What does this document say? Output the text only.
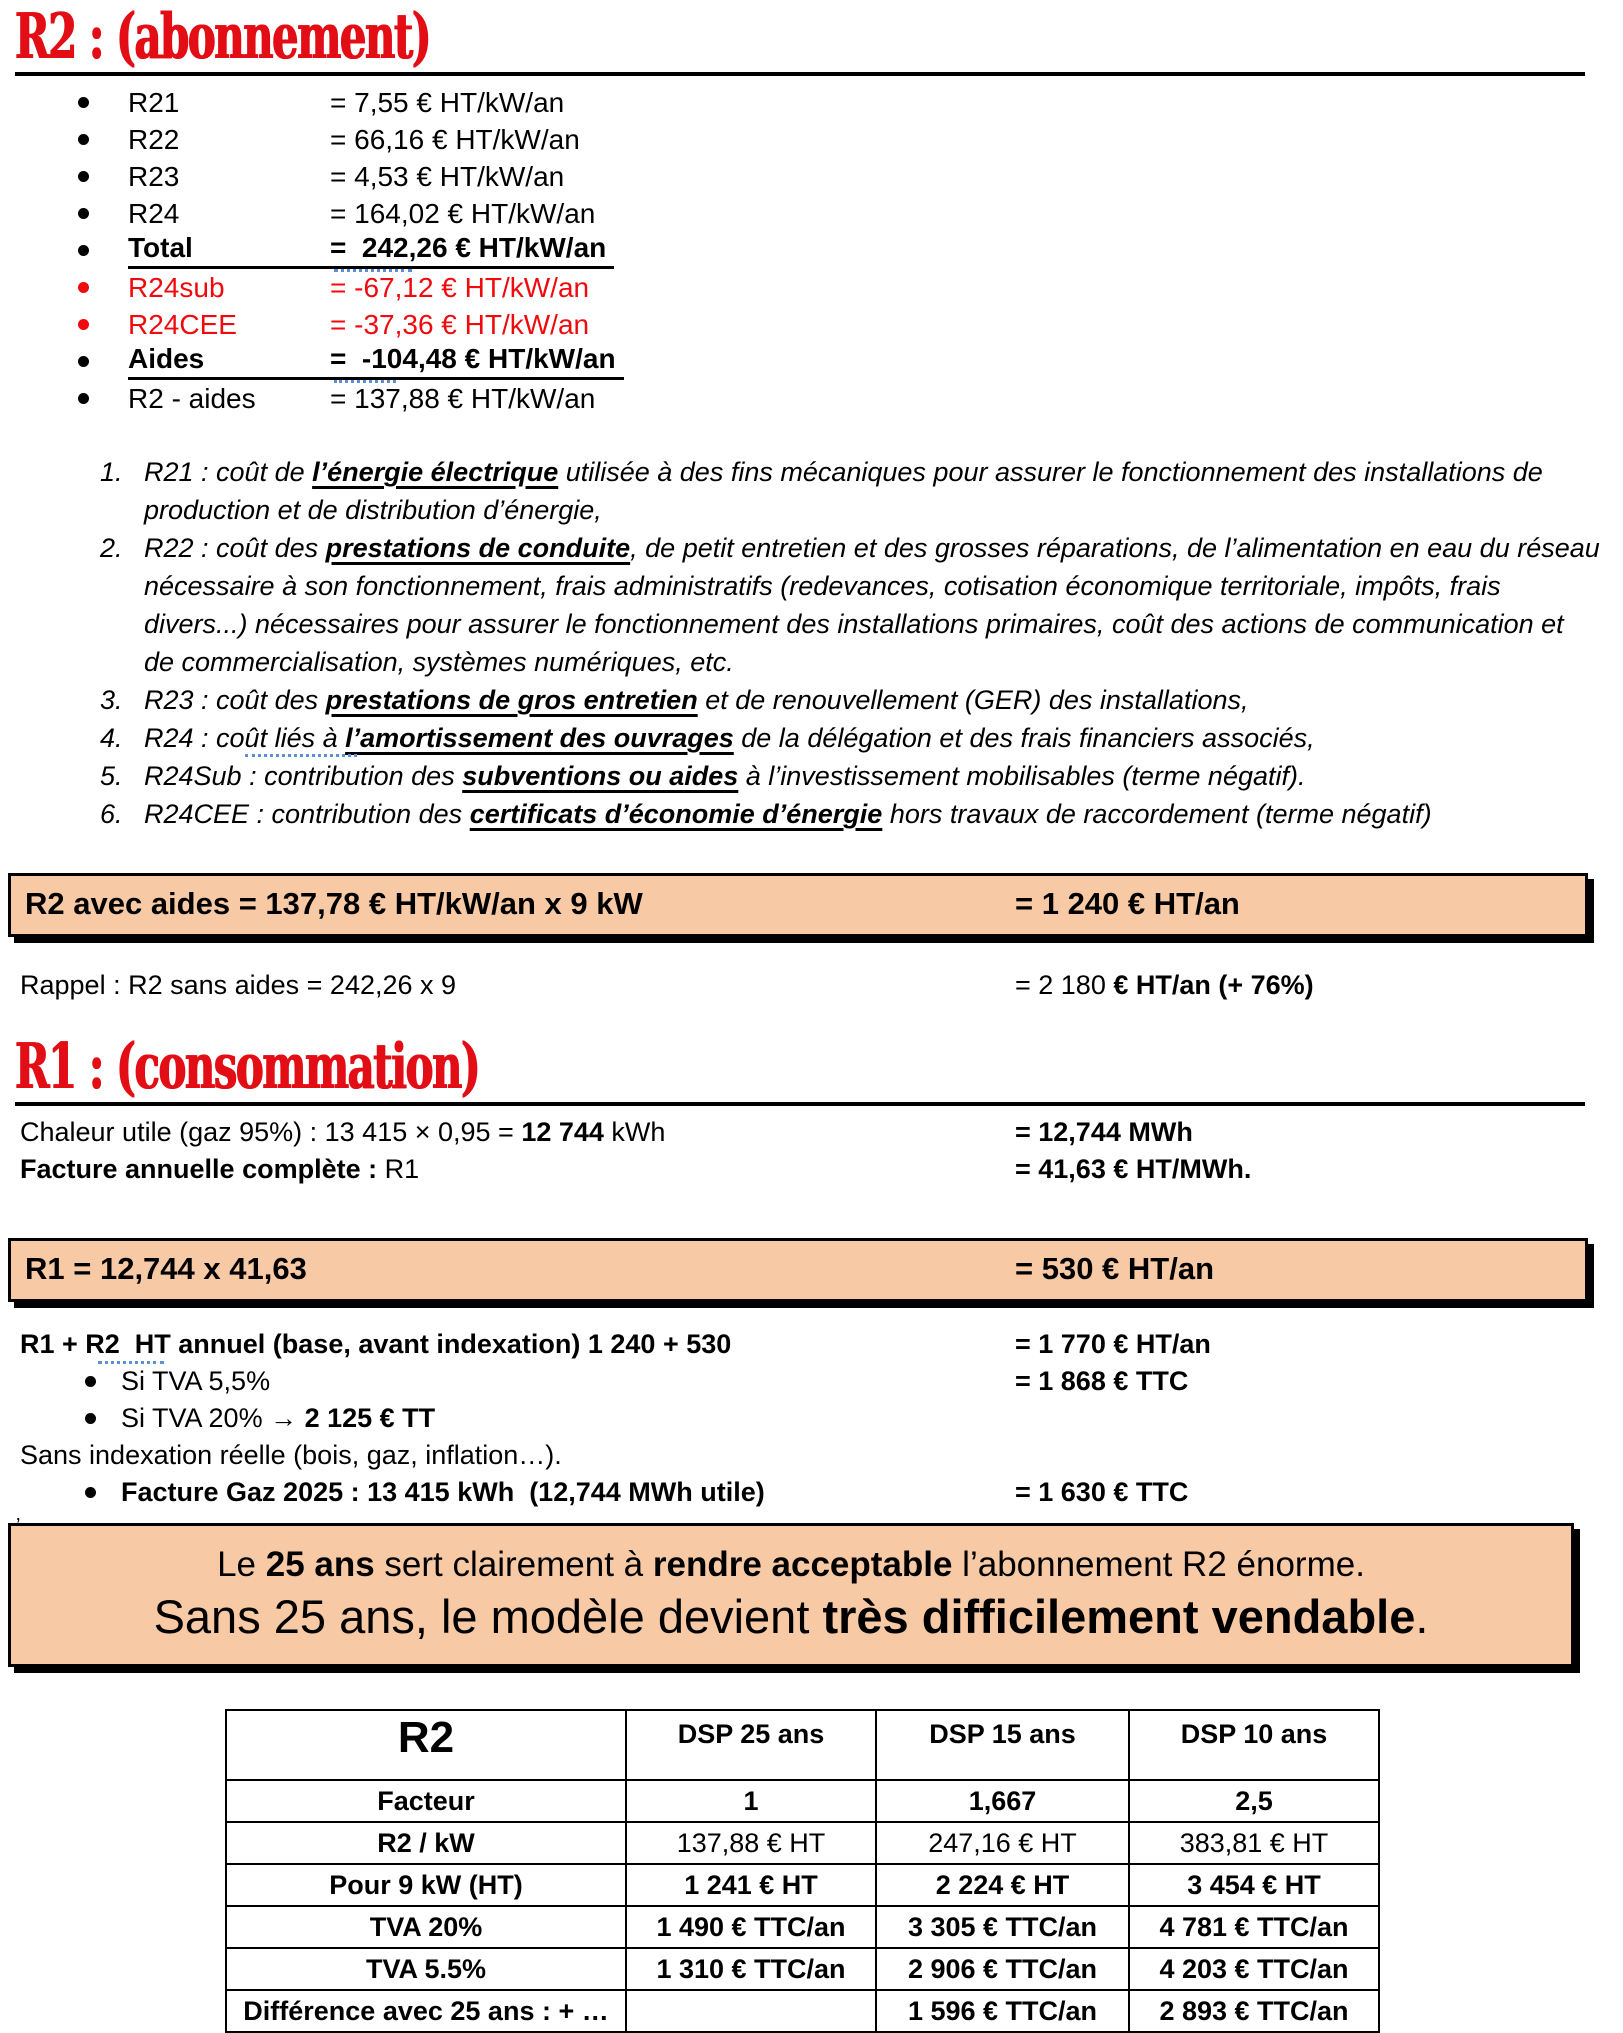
R2 : (abonnement)
R21	= 7,55 € HT/kW/an
R22	= 66,16 € HT/kW/an
R23	= 4,53 € HT/kW/an
R24	= 164,02 € HT/kW/an
Total	=  242,26 € HT/kW/an
R24sub	= -67,12 € HT/kW/an
R24CEE	= -37,36 € HT/kW/an
Aides	=  -104,48 € HT/kW/an
R2 - aides	= 137,88 € HT/kW/an
1. R21 : coût de l’énergie électrique utilisée à des fins mécaniques pour assurer le fonctionnement des installations de production et de distribution d’énergie,
2. R22 : coût des prestations de conduite, de petit entretien et des grosses réparations, de l’alimentation en eau du réseau nécessaire à son fonctionnement, frais administratifs (redevances, cotisation économique territoriale, impôts, frais divers...) nécessaires pour assurer le fonctionnement des installations primaires, coût des actions de communication et de commercialisation, systèmes numériques, etc.
3. R23 : coût des prestations de gros entretien et de renouvellement (GER) des installations,
4. R24 : coût liés à l’amortissement des ouvrages de la délégation et des frais financiers associés,
5. R24Sub : contribution des subventions ou aides à l’investissement mobilisables (terme négatif).
6. R24CEE : contribution des certificats d’économie d’énergie hors travaux de raccordement (terme négatif)
R2 avec aides = 137,78 € HT/kW/an x 9 kW	= 1 240 € HT/an
Rappel : R2 sans aides = 242,26 x 9	= 2 180 € HT/an (+ 76%)
R1 : (consommation)
Chaleur utile (gaz 95%) : 13 415 × 0,95 = 12 744 kWh	= 12,744 MWh
Facture annuelle complète : R1	= 41,63 € HT/MWh.
R1 = 12,744 x 41,63	= 530 € HT/an
R1 + R2  HT annuel (base, avant indexation) 1 240 + 530	= 1 770 € HT/an
Si TVA 5,5%	= 1 868 € TTC
Si TVA 20% → 2 125 € TT
Sans indexation réelle (bois, gaz, inflation…).
Facture Gaz 2025 : 13 415 kWh  (12,744 MWh utile)	= 1 630 € TTC
’
Le 25 ans sert clairement à rendre acceptable l’abonnement R2 énorme.
Sans 25 ans, le modèle devient très difficilement vendable.
R2	DSP 25 ans	DSP 15 ans	DSP 10 ans
Facteur	1	1,667	2,5
R2 / kW	137,88 € HT	247,16 € HT	383,81 € HT
Pour 9 kW (HT)	1 241 € HT	2 224 € HT	3 454 € HT
TVA 20%	1 490 € TTC/an	3 305 € TTC/an	4 781 € TTC/an
TVA 5.5%	1 310 € TTC/an	2 906 € TTC/an	4 203 € TTC/an
Différence avec 25 ans : + …		1 596 € TTC/an	2 893 € TTC/an
